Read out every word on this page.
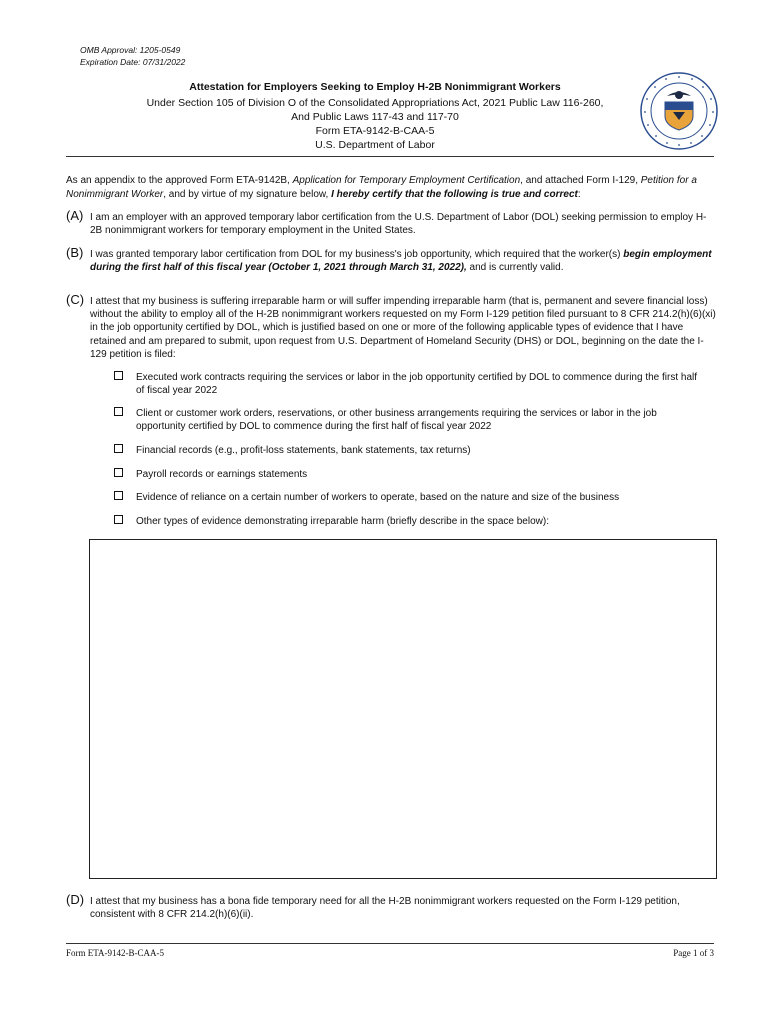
OMB Approval: 1205-0549
Expiration Date: 07/31/2022
Attestation for Employers Seeking to Employ H-2B Nonimmigrant Workers
Under Section 105 of Division O of the Consolidated Appropriations Act, 2021 Public Law 116-260,
And Public Laws 117-43 and 117-70
Form ETA-9142-B-CAA-5
U.S. Department of Labor
As an appendix to the approved Form ETA-9142B, Application for Temporary Employment Certification, and attached Form I-129, Petition for a Nonimmigrant Worker, and by virtue of my signature below, I hereby certify that the following is true and correct:
(A) I am an employer with an approved temporary labor certification from the U.S. Department of Labor (DOL) seeking permission to employ H-2B nonimmigrant workers for temporary employment in the United States.
(B) I was granted temporary labor certification from DOL for my business's job opportunity, which required that the worker(s) begin employment during the first half of this fiscal year (October 1, 2021 through March 31, 2022), and is currently valid.
(C) I attest that my business is suffering irreparable harm or will suffer impending irreparable harm (that is, permanent and severe financial loss) without the ability to employ all of the H-2B nonimmigrant workers requested on my Form I-129 petition filed pursuant to 8 CFR 214.2(h)(6)(xi) in the job opportunity certified by DOL, which is justified based on one or more of the following applicable types of evidence that I have retained and am prepared to submit, upon request from U.S. Department of Homeland Security (DHS) or DOL, beginning on the date the I-129 petition is filed:
Executed work contracts requiring the services or labor in the job opportunity certified by DOL to commence during the first half of fiscal year 2022
Client or customer work orders, reservations, or other business arrangements requiring the services or labor in the job opportunity certified by DOL to commence during the first half of fiscal year 2022
Financial records (e.g., profit-loss statements, bank statements, tax returns)
Payroll records or earnings statements
Evidence of reliance on a certain number of workers to operate, based on the nature and size of the business
Other types of evidence demonstrating irreparable harm (briefly describe in the space below):
(D) I attest that my business has a bona fide temporary need for all the H-2B nonimmigrant workers requested on the Form I-129 petition, consistent with 8 CFR 214.2(h)(6)(ii).
Form ETA-9142-B-CAA-5	Page 1 of 3
